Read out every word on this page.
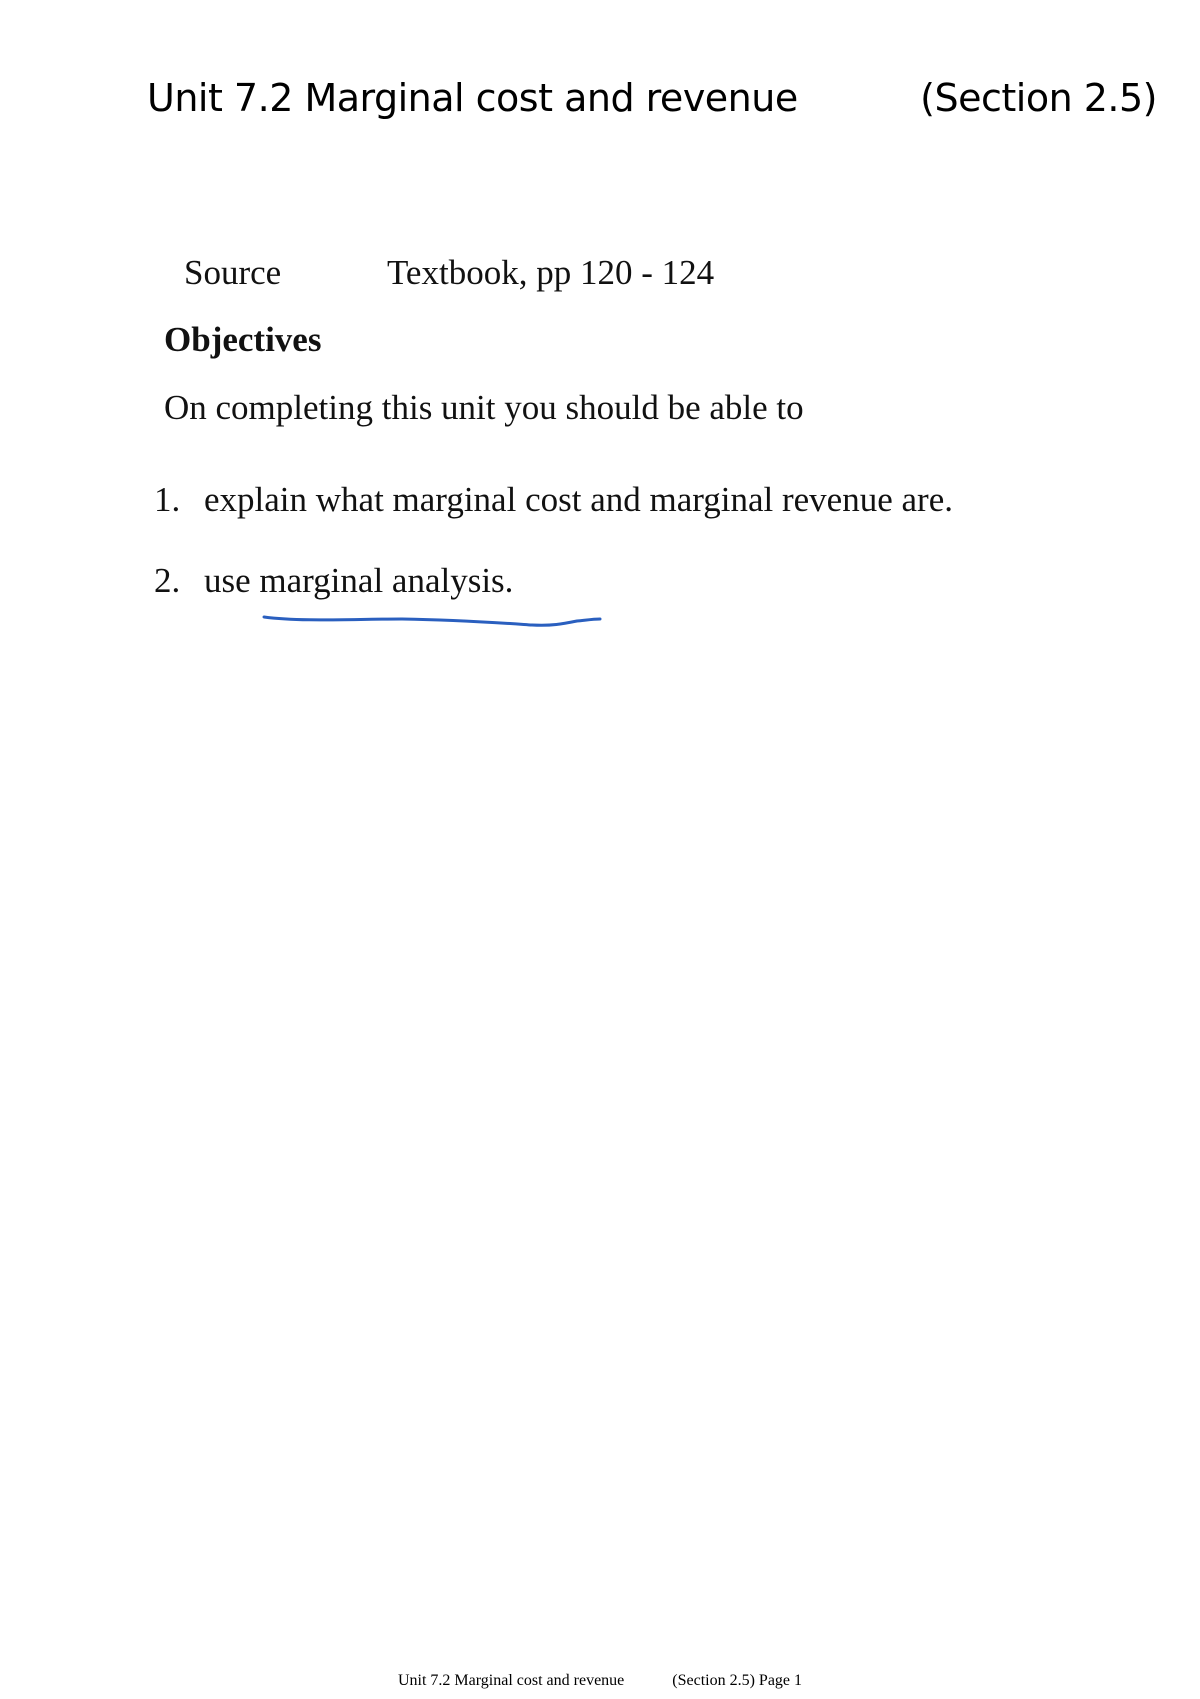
Unit 7.2 Marginal cost and revenue	(Section 2.5)
Source	Textbook, pp 120 - 124
Objectives
On completing this unit you should be able to
1. explain what marginal cost and marginal revenue are.
2. use marginal analysis.
Unit 7.2 Marginal cost and revenue	(Section 2.5) Page 1
